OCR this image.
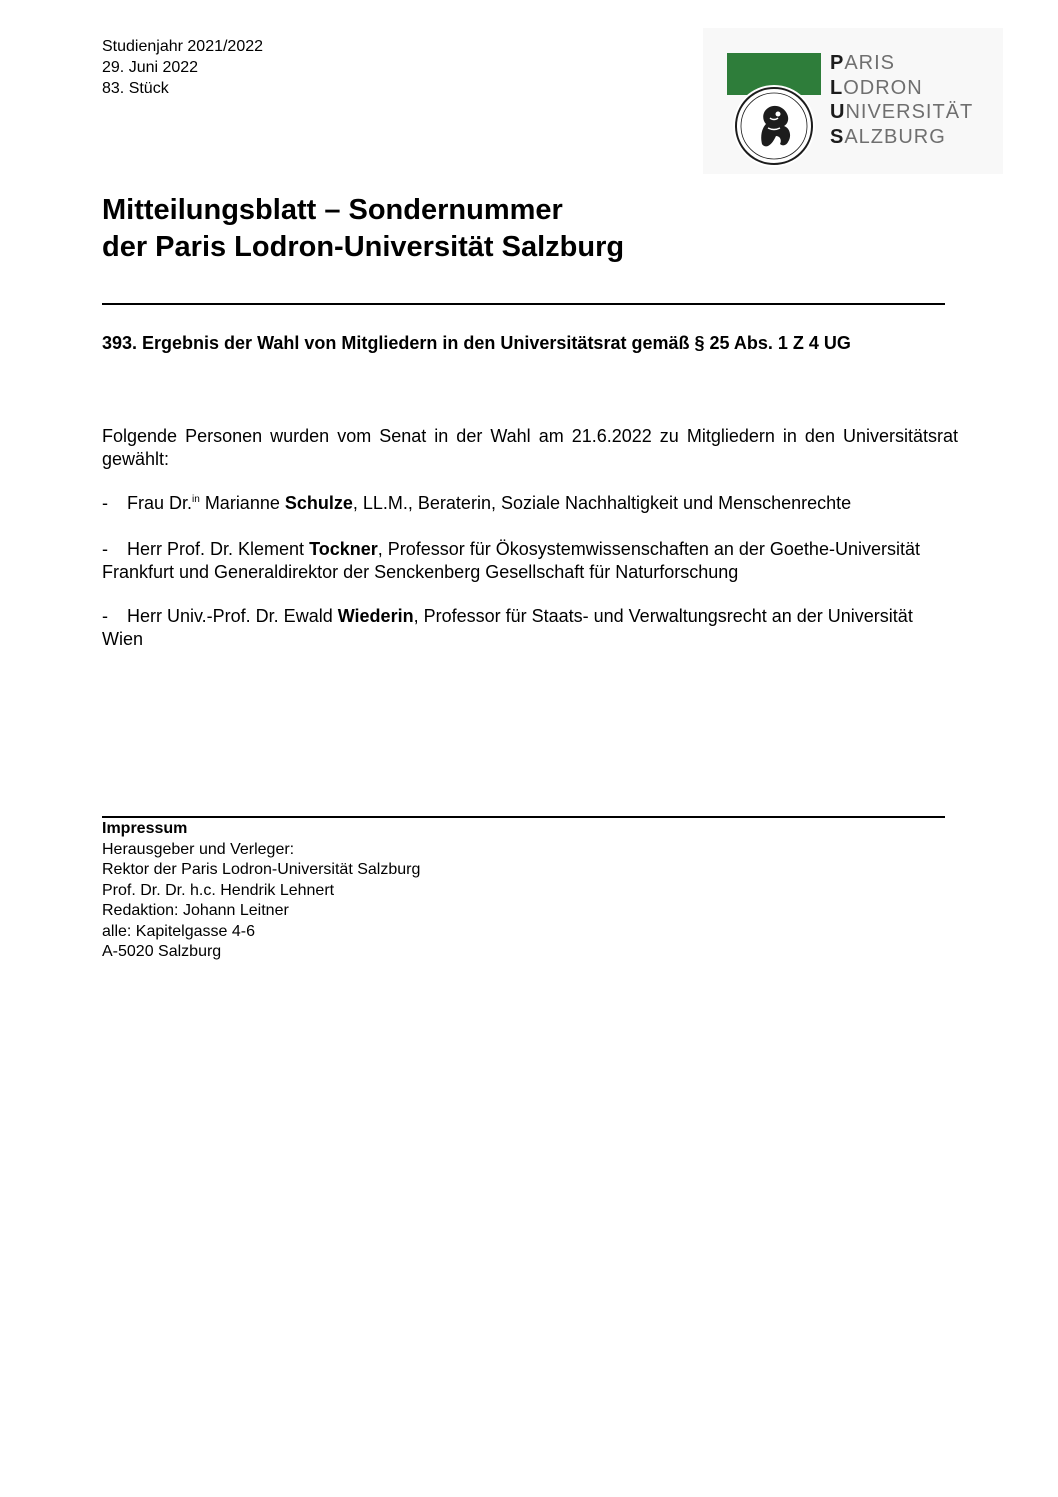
Studienjahr 2021/2022
29. Juni 2022
83. Stück
PARIS
LODRON
UNIVERSITÄT
SALZBURG
Mitteilungsblatt – Sondernummer
der Paris Lodron-Universität Salzburg
393. Ergebnis der Wahl von Mitgliedern in den Universitätsrat gemäß § 25 Abs. 1 Z 4 UG

Folgende Personen wurden vom Senat in der Wahl am 21.6.2022 zu Mitgliedern in den Universitätsrat gewählt:

- Frau Dr.$^{in}$ Marianne Schulze, LL.M., Beraterin, Soziale Nachhaltigkeit und Menschenrechte

- Herr Prof. Dr. Klement Tockner, Professor für Ökosystemwissenschaften an der Goethe-Universität Frankfurt und Generaldirektor der Senckenberg Gesellschaft für Naturforschung

- Herr Univ.-Prof. Dr. Ewald Wiederin, Professor für Staats- und Verwaltungsrecht an der Universität Wien

Impressum
Herausgeber und Verleger:
Rektor der Paris Lodron-Universität Salzburg
Prof. Dr. Dr. h.c. Hendrik Lehnert
Redaktion: Johann Leitner
alle: Kapitelgasse 4-6
A-5020 Salzburg
